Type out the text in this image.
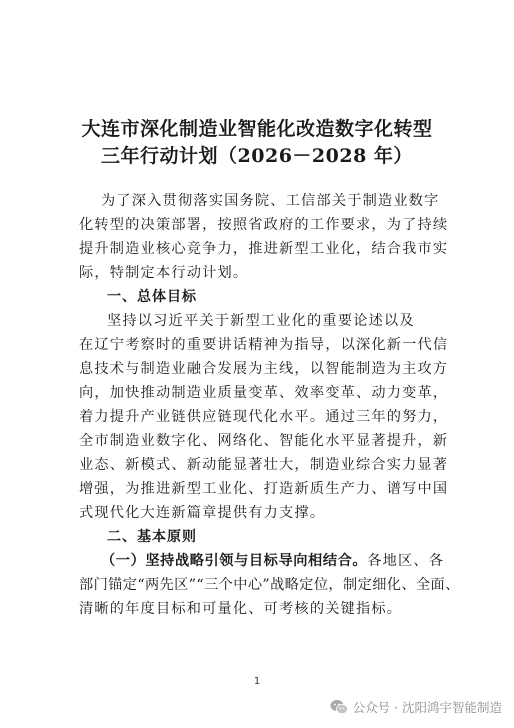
大连市深化制造业智能化改造数字化转型
三年行动计划（2026－2028 年）
为了深入贯彻落实国务院、工信部关于制造业数字
化转型的决策部署，按照省政府的工作要求，为了持续
提升制造业核心竞争力，推进新型工业化，结合我市实
际，特制定本行动计划。
一、总体目标
坚持以习近平关于新型工业化的重要论述以及
在辽宁考察时的重要讲话精神为指导，以深化新一代信
息技术与制造业融合发展为主线，以智能制造为主攻方
向，加快推动制造业质量变革、效率变革、动力变革，
着力提升产业链供应链现代化水平。通过三年的努力，
全市制造业数字化、网络化、智能化水平显著提升，新
业态、新模式、新动能显著壮大，制造业综合实力显著
增强，为推进新型工业化、打造新质生产力、谱写中国
式现代化大连新篇章提供有力支撑。
二、基本原则
（一）坚持战略引领与目标导向相结合。各地区、各
部门锚定“两先区”“三个中心”战略定位，制定细化、全面、
清晰的年度目标和可量化、可考核的关键指标。
1
公众号 · 沈阳鸿宇智能制造
